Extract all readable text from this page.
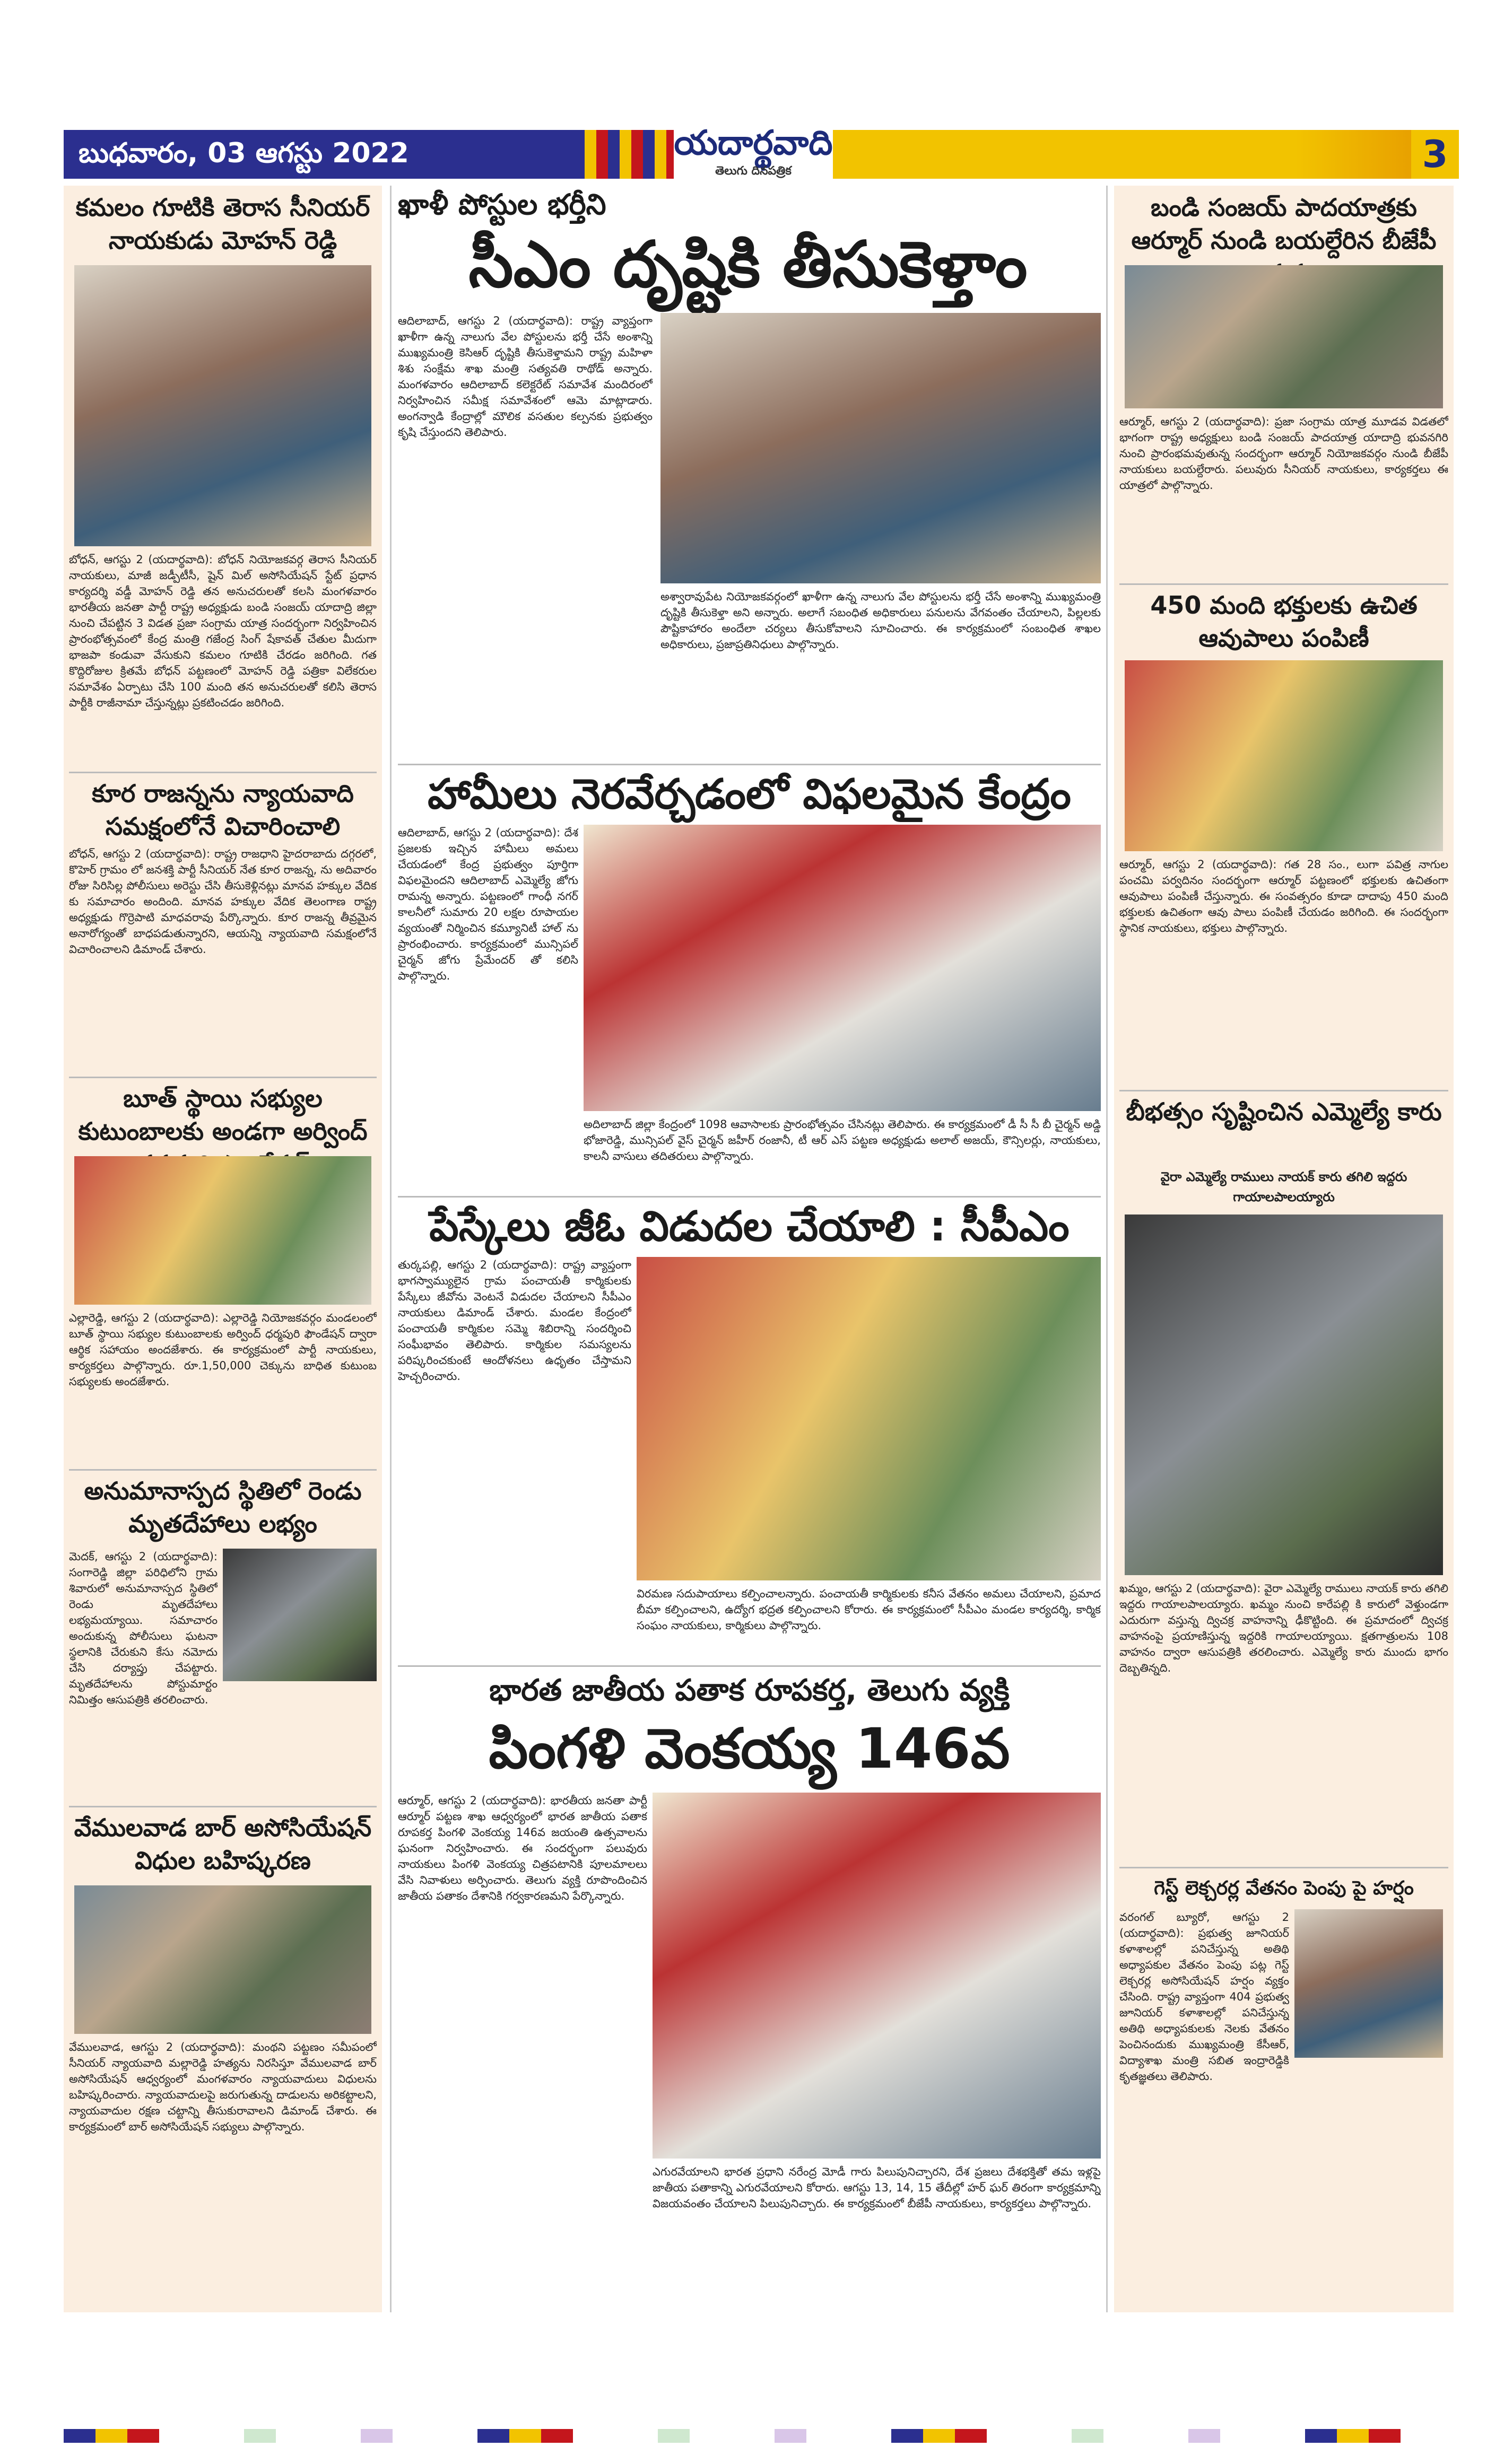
బుధవారం, 03 ఆగస్టు 2022	యదార్థవాది
తెలుగు దినపత్రిక	3
కమలం గూటికి తెరాస సీనియర్ నాయకుడు మోహన్ రెడ్డి
బోధన్, ఆగస్టు 2 (యదార్థవాది): బోధన్ నియోజకవర్గ తెరాస సీనియర్ నాయకులు, మాజీ జడ్పీటీసీ, షైన్ మిల్ అసోసియేషన్ స్టేట్ ప్రధాన కార్యదర్శి వడ్డీ మోహన్ రెడ్డి తన అనుచరులతో కలసి మంగళవారం భారతీయ జనతా పార్టీ రాష్ట్ర అధ్యక్షుడు బండి సంజయ్ యాదాద్రి జిల్లా నుంచి చేపట్టిన 3 విడత ప్రజా సంగ్రామ యాత్ర సందర్భంగా నిర్వహించిన ప్రారంభోత్సవంలో కేంద్ర మంత్రి గజేంద్ర సింగ్ షేకావత్ చేతుల మీదుగా భాజపా కండువా వేసుకుని కమలం గూటికి చేరడం జరిగింది. గత కొద్దిరోజుల క్రితమే బోధన్ పట్టణంలో మోహన్ రెడ్డి పత్రికా విలేకరుల సమావేశం ఏర్పాటు చేసి 100 మంది తన అనుచరులతో కలిసి తెరాస పార్టీకి రాజీనామా చేస్తున్నట్లు ప్రకటించడం జరిగింది.
కూర రాజన్నను న్యాయవాది సమక్షంలోనే విచారించాలి
బోధన్, ఆగస్టు 2 (యదార్థవాది): రాష్ట్ర రాజధాని హైదరాబాదు దగ్గరలో, కొహెర్ గ్రామం లో జనశక్తి పార్టీ సీనియర్ నేత కూర రాజన్న, ను అదివారం రోజు సిరిసిల్ల పోలీసులు అరెస్టు చేసి తీసుకెళ్లినట్లు మానవ హక్కుల వేదిక కు సమాచారం అందింది. మానవ హక్కుల వేదిక తెలంగాణ రాష్ట్ర అధ్యక్షుడు గొర్రెపాటి మాధవరావు పేర్కొన్నారు. కూర రాజన్న తీవ్రమైన అనారోగ్యంతో బాధపడుతున్నారని, ఆయన్ని న్యాయవాది సమక్షంలోనే విచారించాలని డిమాండ్ చేశారు.
బూత్ స్థాయి సభ్యుల కుటుంబాలకు అండగా అర్వింద్
ఎల్లారెడ్డి, ఆగస్టు 2 (యదార్థవాది): ఎల్లారెడ్డి నియోజకవర్గం మండలంలో బూత్ స్థాయి సభ్యుల కుటుంబాలకు అర్వింద్ ధర్మపురి ఫౌండేషన్ ద్వారా ఆర్థిక సహాయం అందజేశారు. ఈ కార్యక్రమంలో పార్టీ నాయకులు, కార్యకర్తలు పాల్గొన్నారు. రూ.1,50,000 చెక్కును బాధిత కుటుంబ సభ్యులకు అందజేశారు.
అనుమానాస్పద స్థితిలో రెండు మృతదేహాలు లభ్యం
మెదక్, ఆగస్టు 2 (యదార్థవాది): సంగారెడ్డి జిల్లా పరిధిలోని గ్రామ శివారులో అనుమానాస్పద స్థితిలో రెండు మృతదేహాలు లభ్యమయ్యాయి. సమాచారం అందుకున్న పోలీసులు ఘటనా స్థలానికి చేరుకుని కేసు నమోదు చేసి దర్యాప్తు చేపట్టారు. మృతదేహాలను పోస్టుమార్టం నిమిత్తం ఆసుపత్రికి తరలించారు.
వేములవాడ బార్ అసోసియేషన్ విధుల బహిష్కరణ
వేములవాడ, ఆగస్టు 2 (యదార్థవాది): మంథని పట్టణం సమీపంలో సీనియర్ న్యాయవాది మల్లారెడ్డి హత్యను నిరసిస్తూ వేములవాడ బార్ అసోసియేషన్ ఆధ్వర్యంలో మంగళవారం న్యాయవాదులు విధులను బహిష్కరించారు. న్యాయవాదులపై జరుగుతున్న దాడులను అరికట్టాలని, న్యాయవాదుల రక్షణ చట్టాన్ని తీసుకురావాలని డిమాండ్ చేశారు. ఈ కార్యక్రమంలో బార్ అసోసియేషన్ సభ్యులు పాల్గొన్నారు.
ఖాళీ పోస్టుల భర్తీని
సీఎం దృష్టికి తీసుకెళ్తాం
ఆదిలాబాద్, ఆగస్టు 2 (యదార్థవాది): రాష్ట్ర వ్యాప్తంగా ఖాళీగా ఉన్న నాలుగు వేల పోస్టులను భర్తీ చేసే అంశాన్ని ముఖ్యమంత్రి కెసిఆర్ దృష్టికి తీసుకెళ్తామని రాష్ట్ర మహిళా శిశు సంక్షేమ శాఖ మంత్రి సత్యవతి రాథోడ్ అన్నారు. మంగళవారం ఆదిలాబాద్ కలెక్టరేట్ సమావేశ మందిరంలో నిర్వహించిన సమీక్ష సమావేశంలో ఆమె మాట్లాడారు. అంగన్వాడి కేంద్రాల్లో మౌలిక వసతుల కల్పనకు ప్రభుత్వం కృషి చేస్తుందని తెలిపారు.
అశ్వారావుపేట నియోజకవర్గంలో ఖాళీగా ఉన్న నాలుగు వేల పోస్టులను భర్తీ చేసే అంశాన్ని ముఖ్యమంత్రి దృష్టికి తీసుకెళ్తా అని అన్నారు. అలాగే సబంధిత అధికారులు పనులను వేగవంతం చేయాలని, పిల్లలకు పౌష్టికాహారం అందేలా చర్యలు తీసుకోవాలని సూచించారు. ఈ కార్యక్రమంలో సంబంధిత శాఖల అధికారులు, ప్రజాప్రతినిధులు పాల్గొన్నారు.
హామీలు నెరవేర్చడంలో విఫలమైన కేంద్రం
ఆదిలాబాద్, ఆగస్టు 2 (యదార్థవాది): దేశ ప్రజలకు ఇచ్చిన హామీలు అమలు చేయడంలో కేంద్ర ప్రభుత్వం పూర్తిగా విఫలమైందని ఆదిలాబాద్ ఎమ్మెల్యే జోగు రామన్న అన్నారు. పట్టణంలో గాంధీ నగర్ కాలనీలో సుమారు 20 లక్షల రూపాయల వ్యయంతో నిర్మించిన కమ్యూనిటీ హాల్ ను ప్రారంభించారు. కార్యక్రమంలో మున్సిపల్ చైర్మన్ జోగు ప్రేమేందర్ తో కలిసి పాల్గొన్నారు.
అదిలాబాద్ జిల్లా కేంద్రంలో 1098 ఆవాసాలకు ప్రారంభోత్సవం చేసినట్లు తెలిపారు. ఈ కార్యక్రమంలో డీ సీ సీ బీ చైర్మన్ అడ్డి భోజారెడ్డి, మున్సిపల్ వైస్ చైర్మన్ జహీర్ రంజానీ, టీ ఆర్ ఎస్ పట్టణ అధ్యక్షుడు అలాల్ అజయ్, కౌన్సిలర్లు, నాయకులు, కాలనీ వాసులు తదితరులు పాల్గొన్నారు.
పేస్కేలు జీఓ విడుదల చేయాలి : సీపీఎం
తుర్కపల్లి, ఆగస్టు 2 (యదార్థవాది): రాష్ట్ర వ్యాప్తంగా భాగస్వామ్యులైన గ్రామ పంచాయతీ కార్మికులకు పేస్కేలు జీవోను వెంటనే విడుదల చేయాలని సీపీఎం నాయకులు డిమాండ్ చేశారు. మండల కేంద్రంలో పంచాయతీ కార్మికుల సమ్మె శిబిరాన్ని సందర్శించి సంఘీభావం తెలిపారు. కార్మికుల సమస్యలను పరిష్కరించకుంటే ఆందోళనలు ఉధృతం చేస్తామని హెచ్చరించారు.
విరమణ సదుపాయాలు కల్పించాలన్నారు. పంచాయతీ కార్మికులకు కనీస వేతనం అమలు చేయాలని, ప్రమాద బీమా కల్పించాలని, ఉద్యోగ భద్రత కల్పించాలని కోరారు. ఈ కార్యక్రమంలో సీపీఎం మండల కార్యదర్శి, కార్మిక సంఘం నాయకులు, కార్మికులు పాల్గొన్నారు.
భారత జాతీయ పతాక రూపకర్త, తెలుగు వ్యక్తి
పింగళి వెంకయ్య 146వ
ఆర్మూర్, ఆగస్టు 2 (యదార్థవాది): భారతీయ జనతా పార్టీ ఆర్మూర్ పట్టణ శాఖ ఆధ్వర్యంలో భారత జాతీయ పతాక రూపకర్త పింగళి వెంకయ్య 146వ జయంతి ఉత్సవాలను ఘనంగా నిర్వహించారు. ఈ సందర్భంగా పలువురు నాయకులు పింగళి వెంకయ్య చిత్రపటానికి పూలమాలలు వేసి నివాళులు అర్పించారు. తెలుగు వ్యక్తి రూపొందించిన జాతీయ పతాకం దేశానికి గర్వకారణమని పేర్కొన్నారు.
ఎగురవేయాలని భారత ప్రధాని నరేంద్ర మోడీ గారు పిలుపునిచ్చారని, దేశ ప్రజలు దేశభక్తితో తమ ఇళ్లపై జాతీయ పతాకాన్ని ఎగురవేయాలని కోరారు. ఆగస్టు 13, 14, 15 తేదీల్లో హర్ ఘర్ తిరంగా కార్యక్రమాన్ని విజయవంతం చేయాలని పిలుపునిచ్చారు. ఈ కార్యక్రమంలో బీజేపీ నాయకులు, కార్యకర్తలు పాల్గొన్నారు.
బండి సంజయ్ పాదయాత్రకు ఆర్మూర్ నుండి బయల్దేరిన బీజేపీ
ఆర్మూర్, ఆగస్టు 2 (యదార్థవాది): ప్రజా సంగ్రామ యాత్ర మూడవ విడతలో భాగంగా రాష్ట్ర అధ్యక్షులు బండి సంజయ్ పాదయాత్ర యాదాద్రి భువనగిరి నుంచి ప్రారంభమవుతున్న సందర్భంగా ఆర్మూర్ నియోజకవర్గం నుండి బీజేపీ నాయకులు బయల్దేరారు. పలువురు సీనియర్ నాయకులు, కార్యకర్తలు ఈ యాత్రలో పాల్గొన్నారు.
450 మంది భక్తులకు ఉచిత ఆవుపాలు పంపిణీ
ఆర్మూర్, ఆగస్టు 2 (యదార్థవాది): గత 28 సం., లుగా పవిత్ర నాగుల పంచమి పర్వదినం సందర్భంగా ఆర్మూర్ పట్టణంలో భక్తులకు ఉచితంగా ఆవుపాలు పంపిణీ చేస్తున్నారు. ఈ సంవత్సరం కూడా దాదాపు 450 మంది భక్తులకు ఉచితంగా ఆవు పాలు పంపిణీ చేయడం జరిగింది. ఈ సందర్భంగా స్థానిక నాయకులు, భక్తులు పాల్గొన్నారు.
బీభత్సం సృష్టించిన ఎమ్మెల్యే కారు
వైరా ఎమ్మెల్యే రాములు నాయక్ కారు తగిలి ఇద్దరు గాయాలపాలయ్యారు
ఖమ్మం, ఆగస్టు 2 (యదార్థవాది): వైరా ఎమ్మెల్యే రాములు నాయక్ కారు తగిలి ఇద్దరు గాయాలపాలయ్యారు. ఖమ్మం నుంచి కారేపల్లి కి కారులో వెళ్తుండగా ఎదురుగా వస్తున్న ద్విచక్ర వాహనాన్ని ఢీకొట్టింది. ఈ ప్రమాదంలో ద్విచక్ర వాహనంపై ప్రయాణిస్తున్న ఇద్దరికి గాయాలయ్యాయి. క్షతగాత్రులను 108 వాహనం ద్వారా ఆసుపత్రికి తరలించారు. ఎమ్మెల్యే కారు ముందు భాగం దెబ్బతిన్నది.
గెస్ట్ లెక్చరర్ల వేతనం పెంపు పై హర్షం
వరంగల్ బ్యూరో, ఆగస్టు 2 (యదార్థవాది): ప్రభుత్వ జూనియర్ కళాశాలల్లో పనిచేస్తున్న అతిథి అధ్యాపకుల వేతనం పెంపు పట్ల గెస్ట్ లెక్చరర్ల అసోసియేషన్ హర్షం వ్యక్తం చేసింది. రాష్ట్ర వ్యాప్తంగా 404 ప్రభుత్వ జూనియర్ కళాశాలల్లో పనిచేస్తున్న అతిథి అధ్యాపకులకు నెలకు వేతనం పెంచినందుకు ముఖ్యమంత్రి కేసీఆర్, విద్యాశాఖ మంత్రి సబిత ఇంద్రారెడ్డికి కృతజ్ఞతలు తెలిపారు.
